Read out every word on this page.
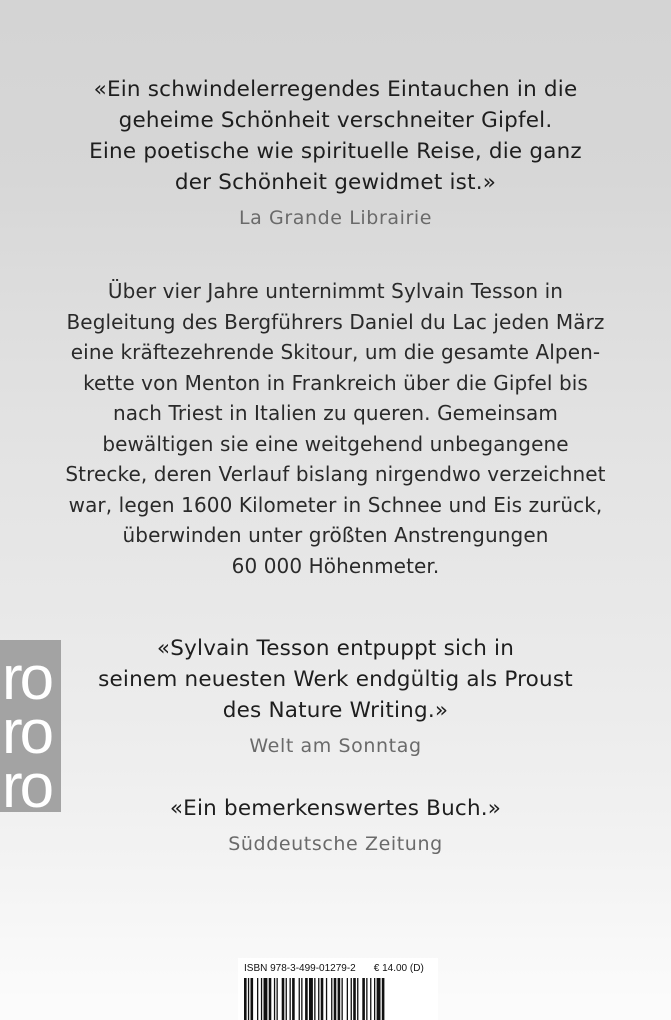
«Ein schwindelerregendes Eintauchen in die
geheime Schönheit verschneiter Gipfel.
Eine poetische wie spirituelle Reise, die ganz
der Schönheit gewidmet ist.»
La Grande Librairie
Über vier Jahre unternimmt Sylvain Tesson in
Begleitung des Bergführers Daniel du Lac jeden März
eine kräftezehrende Skitour, um die gesamte Alpen-
kette von Menton in Frankreich über die Gipfel bis
nach Triest in Italien zu queren. Gemeinsam
bewältigen sie eine weitgehend unbegangene
Strecke, deren Verlauf bislang nirgendwo verzeichnet
war, legen 1600 Kilometer in Schnee und Eis zurück,
überwinden unter größten Anstrengungen
60 000 Höhenmeter.
«Sylvain Tesson entpuppt sich in
seinem neuesten Werk endgültig als Proust
des Nature Writing.»
Welt am Sonntag
«Ein bemerkenswertes Buch.»
Süddeutsche Zeitung
ro
ro
ro
ISBN 978-3-499-01279-2 € 14.00 (D)
